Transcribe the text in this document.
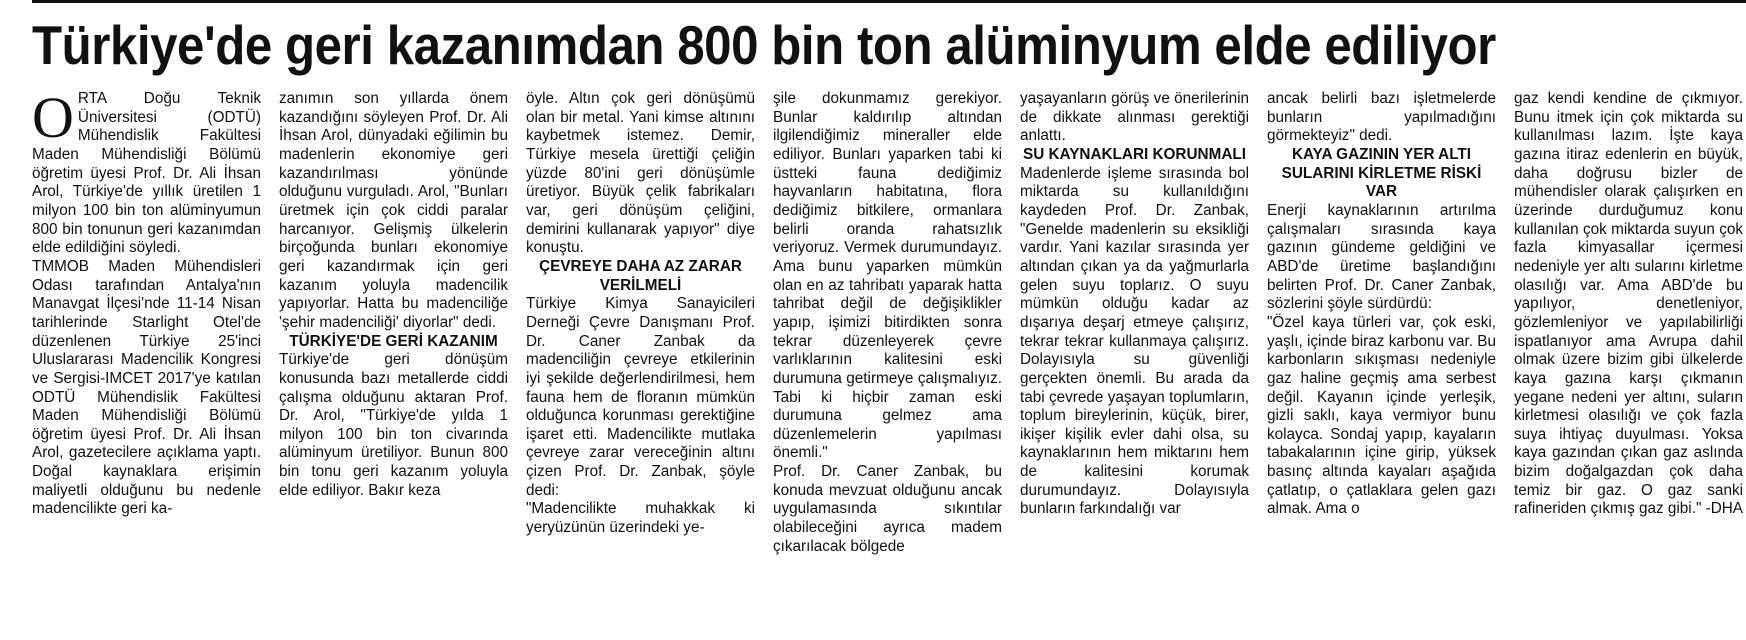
Türkiye'de geri kazanımdan 800 bin ton alüminyum elde ediliyor

ORTA Doğu Teknik Üniversitesi (ODTÜ) Mühendislik Fakültesi Maden Mühendisliği Bölümü öğretim üyesi Prof. Dr. Ali İhsan Arol, Türkiye'de yıllık üretilen 1 milyon 100 bin ton alüminyumun 800 bin tonunun geri kazanımdan elde edildiğini söyledi.

TMMOB Maden Mühendisleri Odası tarafından Antalya'nın Manavgat İlçesi'nde 11-14 Nisan tarihlerinde Starlight Otel'de düzenlenen Türkiye 25'inci Uluslararası Madencilik Kongresi ve Sergisi-IMCET 2017'ye katılan ODTÜ Mühendislik Fakültesi Maden Mühendisliği Bölümü öğretim üyesi Prof. Dr. Ali İhsan Arol, gazetecilere açıklama yaptı. Doğal kaynaklara erişimin maliyetli olduğunu bu nedenle madencilikte geri ka-

zanımın son yıllarda önem kazandığını söyleyen Prof. Dr. Ali İhsan Arol, dünyadaki eğilimin bu madenlerin ekonomiye geri kazandırılması yönünde olduğunu vurguladı. Arol, "Bunları üretmek için çok ciddi paralar harcanıyor. Gelişmiş ülkelerin birçoğunda bunları ekonomiye geri kazandırmak için geri kazanım yoluyla madencilik yapıyorlar. Hatta bu madenciliğe 'şehir madenciliği' diyorlar" dedi.

TÜRKİYE'DE GERİ KAZANIM

Türkiye'de geri dönüşüm konusunda bazı metallerde ciddi çalışma olduğunu aktaran Prof. Dr. Arol, "Türkiye'de yılda 1 milyon 100 bin ton civarında alüminyum üretiliyor. Bunun 800 bin tonu geri kazanım yoluyla elde ediliyor. Bakır keza

öyle. Altın çok geri dönüşümü olan bir metal. Yani kimse altınını kaybetmek istemez. Demir, Türkiye mesela ürettiği çeliğin yüzde 80'ini geri dönüşümle üretiyor. Büyük çelik fabrikaları var, geri dönüşüm çeliğini, demirini kullanarak yapıyor" diye konuştu.

ÇEVREYE DAHA AZ ZARAR VERİLMELİ

Türkiye Kimya Sanayicileri Derneği Çevre Danışmanı Prof. Dr. Caner Zanbak da madenciliğin çevreye etkilerinin iyi şekilde değerlendirilmesi, hem fauna hem de floranın mümkün olduğunca korunması gerektiğine işaret etti. Madencilikte mutlaka çevreye zarar vereceğinin altını çizen Prof. Dr. Zanbak, şöyle dedi:

"Madencilikte muhakkak ki yeryüzünün üzerindeki ye-

şile dokunmamız gerekiyor. Bunlar kaldırılıp altından ilgilendiğimiz mineraller elde ediliyor. Bunları yaparken tabi ki üstteki fauna dediğimiz hayvanların habitatına, flora dediğimiz bitkilere, ormanlara belirli oranda rahatsızlık veriyoruz. Vermek durumundayız. Ama bunu yaparken mümkün olan en az tahribatı yaparak hatta tahribat değil de değişiklikler yapıp, işimizi bitirdikten sonra tekrar düzenleyerek çevre varlıklarının kalitesini eski durumuna getirmeye çalışmalıyız. Tabi ki hiçbir zaman eski durumuna gelmez ama düzenlemelerin yapılması önemli."

Prof. Dr. Caner Zanbak, bu konuda mevzuat olduğunu ancak uygulamasında sıkıntılar olabileceğini ayrıca madem çıkarılacak bölgede

yaşayanların görüş ve önerilerinin de dikkate alınması gerektiği anlattı.

SU KAYNAKLARI KORUNMALI

Madenlerde işleme sırasında bol miktarda su kullanıldığını kaydeden Prof. Dr. Zanbak, "Genelde madenlerin su eksikliği vardır. Yani kazılar sırasında yer altından çıkan ya da yağmurlarla gelen suyu toplarız. O suyu mümkün olduğu kadar az dışarıya deşarj etmeye çalışırız, tekrar tekrar kullanmaya çalışırız. Dolayısıyla su güvenliği gerçekten önemli. Bu arada da tabi çevrede yaşayan toplumların, toplum bireylerinin, küçük, birer, ikişer kişilik evler dahi olsa, su kaynaklarının hem miktarını hem de kalitesini korumak durumundayız. Dolayısıyla bunların farkındalığı var

ancak belirli bazı işletmelerde bunların yapılmadığını görmekteyiz" dedi.

KAYA GAZININ YER ALTI SULARINI KİRLETME RİSKİ VAR

Enerji kaynaklarının artırılma çalışmaları sırasında kaya gazının gündeme geldiğini ve ABD'de üretime başlandığını belirten Prof. Dr. Caner Zanbak, sözlerini şöyle sürdürdü:

"Özel kaya türleri var, çok eski, yaşlı, içinde biraz karbonu var. Bu karbonların sıkışması nedeniyle gaz haline geçmiş ama serbest değil. Kayanın içinde yerleşik, gizli saklı, kaya vermiyor bunu kolayca. Sondaj yapıp, kayaların tabakalarının içine girip, yüksek basınç altında kayaları aşağıda çatlatıp, o çatlaklara gelen gazı almak. Ama o

gaz kendi kendine de çıkmıyor. Bunu itmek için çok miktarda su kullanılması lazım. İşte kaya gazına itiraz edenlerin en büyük, daha doğrusu bizler de mühendisler olarak çalışırken en üzerinde durduğumuz konu kullanılan çok miktarda suyun çok fazla kimyasallar içermesi nedeniyle yer altı sularını kirletme olasılığı var. Ama ABD'de bu yapılıyor, denetleniyor, gözlemleniyor ve yapılabilirliği ispatlanıyor ama Avrupa dahil olmak üzere bizim gibi ülkelerde kaya gazına karşı çıkmanın yegane nedeni yer altını, suların kirletmesi olasılığı ve çok fazla suya ihtiyaç duyulması. Yoksa kaya gazından çıkan gaz aslında bizim doğalgazdan çok daha temiz bir gaz. O gaz sanki rafineriden çıkmış gaz gibi." -DHA
